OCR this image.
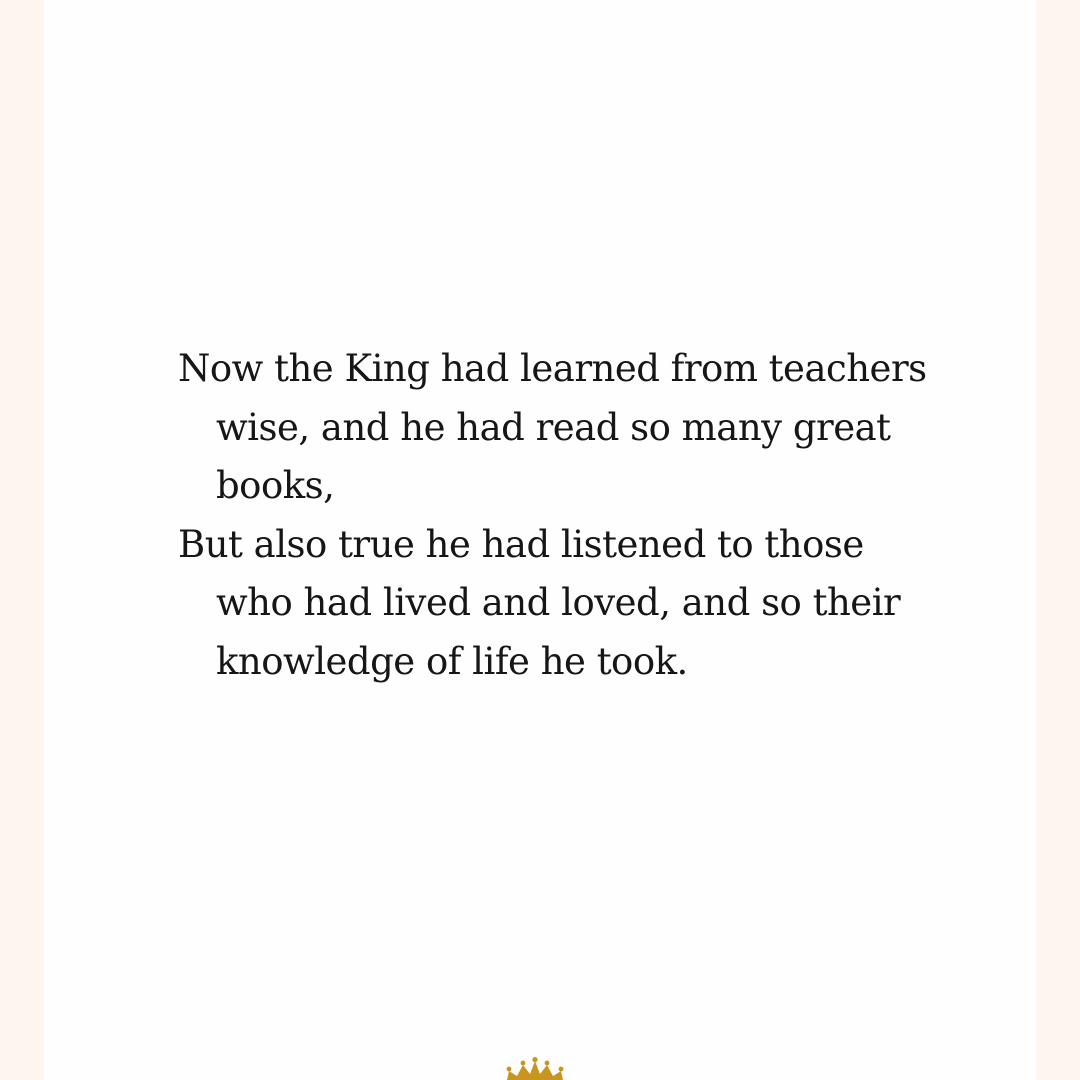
Now the King had learned from teachers wise, and he had read so many great books,

But also true he had listened to those who had lived and loved, and so their knowledge of life he took.
